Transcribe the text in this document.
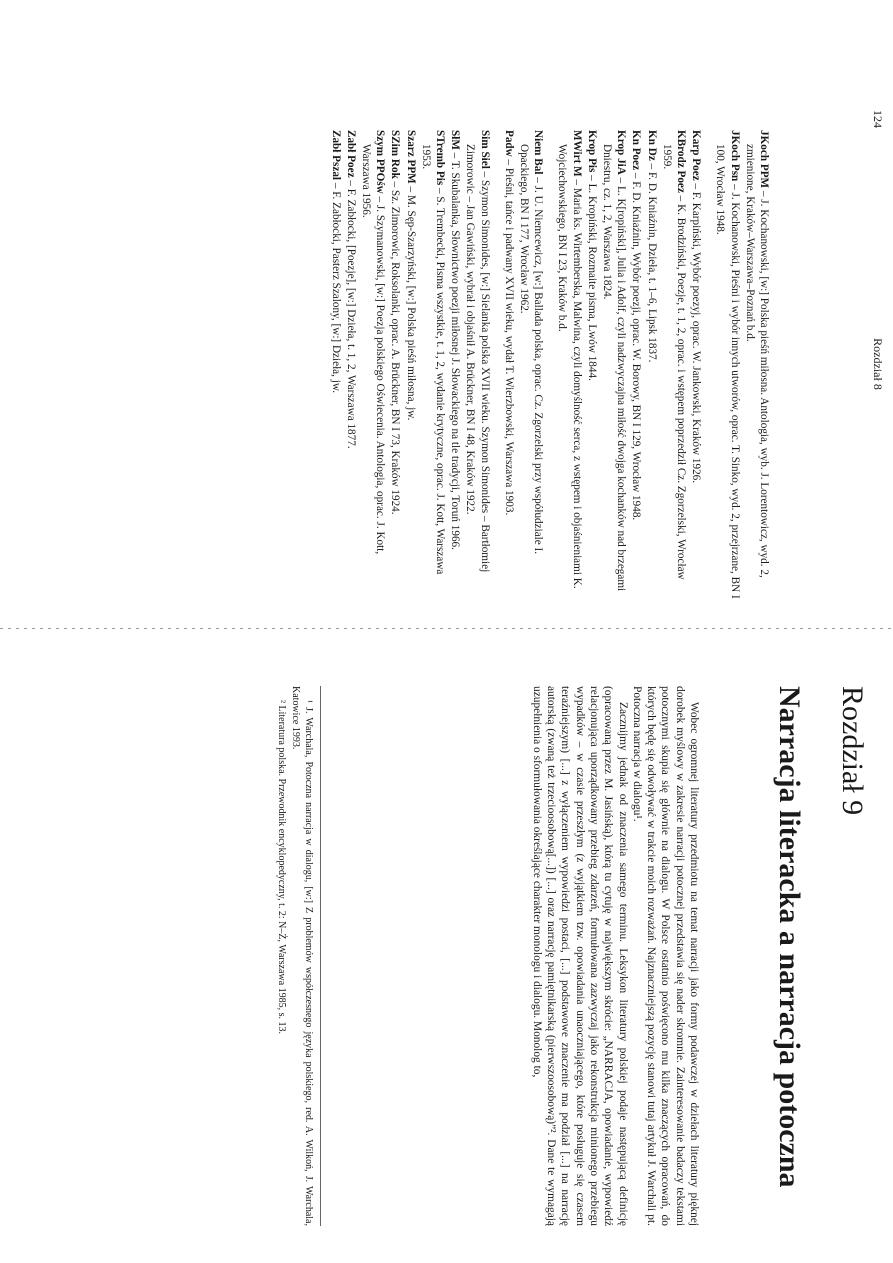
124
Rozdział 8

JKoch PPM – J. Kochanowski, [w:] Polska pieśń miłosna. Antologia, wyb. J. Lorentowicz, wyd. 2, zmienione, Kraków–Warszawa–Poznań b.d.

JKoch Psn – J. Kochanowski, Pieśni i wybór innych utworów, oprac. T. Sinko, wyd. 2, przejrzane, BN I 100, Wrocław 1948.

Karp Poez – F. Karpiński, Wybór poezyj, oprac. W. Jankowski, Kraków 1926.

KBrodz Poez – K. Brodziński, Poezje, t. 1, 2, oprac. i wstępem poprzedził Cz. Zgorzelski, Wrocław 1959.

Kn Dz – F. D. Kniaźnin, Dzieła, t. 1–6, Lipsk 1837.

Kn Poez – F. D. Kniaźnin, Wybór poezji, oprac. W. Borowy, BN I 129, Wrocław 1948.

Krop JiA – L. K[ropiński], Julia i Adolf, czyli nadzwyczajna miłość dwojga kochanków nad brzegami Dniestru, cz. 1, 2, Warszawa 1824.

Krop Pis – L. Kropiński, Rozmaite pisma, Lwów 1844.

MWirt M – Maria ks. Wirtemberska, Malwina, czyli domyślność serca, z wstępem i objaśnieniami K. Wojciechowskiego, BN I 23, Kraków b.d.

Niem Bal – J. U. Niemcewicz, [w:] Ballada polska, oprac. Cz. Zgorzelski przy współudziale I. Opackiego, BN I 177, Wrocław 1962.

Padw – Pieśni, tańce i padwany XVII wieku, wydał T. Wierzbowski, Warszawa 1903.

Sim Siel – Szymon Simonides, [w:] Sielanka polska XVII wieku. Szymon Simonides – Bartłomiej Zimorowic – Jan Gawiński, wybrał i objaśnił A. Brückner, BN I 48, Kraków 1922.

SłM – T. Skubalanka, Słownictwo poezji miłosnej J. Słowackiego na tle tradycji, Toruń 1966.

STremb Pis – S. Trembecki, Pisma wszystkie, t. 1, 2, wydanie krytyczne, oprac. J. Kott, Warszawa 1953.

Szarz PPM – M. Sęp-Szarzyński, [w:] Polska pieśń miłosna, jw.

SZim Rok – Sz. Zimorowic, Roksolanki, oprac. A. Brückner, BN I 73, Kraków 1924.

Szym PPOśw – J. Szymanowski, [w:] Poezja polskiego Oświecenia. Antologia, oprac. J. Kott, Warszawa 1956.

Zabł Poez – F. Zabłocki, [Poezje], [w:] Dzieła, t. 1, 2, Warszawa 1877.

Zabł Pszal – F. Zabłocki, Pasterz Szalony, [w:] Dzieła, jw.

Rozdział 9
Narracja literacka a narracja potoczna

Wobec ogromnej literatury przedmiotu na temat narracji jako formy podawczej w dziełach literatury pięknej dorobek myślowy w zakresie narracji potocznej przedstawia się nader skromnie. Zainteresowanie badaczy tekstami potocznymi skupia się głównie na dialogu. W Polsce ostatnio poświęcono mu kilka znaczących opracowań, do których będę się odwoływać w trakcie moich rozważań. Najznaczniejszą pozycję stanowi tutaj artykuł J. Warchali pt. Potoczna narracja w dialogu¹.

Zacznijmy jednak od znaczenia samego terminu. Leksykon literatury polskiej podaje następującą definicję (opracowaną przez M. Jasińską), którą tu cytuję w największym skrócie: „NARRACJA, opowiadanie, wypowiedź relacjonująca uporządkowany przebieg zdarzeń, formułowana zazwyczaj jako rekonstrukcja minionego przebiegu wypadków – w czasie przeszłym (z wyjątkiem tzw. opowiadania unaoczniającego, które posługuje się czasem teraźniejszym) [...] z wyłączeniem wypowiedzi postaci, [...] podstawowe znaczenie ma podział [...] na narrację autorską (zwaną też trzecioosobową[...]) [...] oraz narrację pamiętnikarską (pierwszoosobową)”². Dane te wymagają uzupełnienia o sformułowania określające charakter monologu i dialogu. Monolog to,

¹ J. Warchala, Potoczna narracja w dialogu, [w:] Z problemów współczesnego języka polskiego, red. A. Wilkoń, J. Warchala, Katowice 1993.

² Literatura polska. Przewodnik encyklopedyczny, t. 2: N–Ż, Warszawa 1985, s. 13.
